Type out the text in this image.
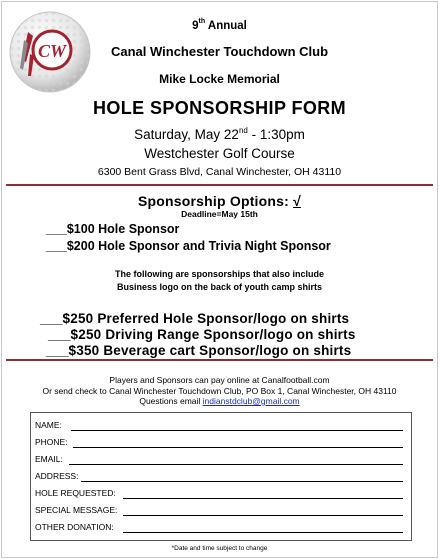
CW
9th Annual
Canal Winchester Touchdown Club
Mike Locke Memorial
HOLE SPONSORSHIP FORM
Saturday, May 22nd - 1:30pm
Westchester Golf Course
6300 Bent Grass Blvd, Canal Winchester, OH 43110
Sponsorship Options: √
Deadline=May 15th
___$100 Hole Sponsor
___$200 Hole Sponsor and Trivia Night Sponsor
The following are sponsorships that also include
Business logo on the back of youth camp shirts
___$250 Preferred Hole Sponsor/logo on shirts
___$250 Driving Range Sponsor/logo on shirts
___$350 Beverage cart Sponsor/logo on shirts
Players and Sponsors can pay online at Canalfootball.com
Or send check to Canal Winchester Touchdown Club, PO Box 1, Canal Winchester, OH 43110
Questions email indianstdclub@gmail.com
NAME:
PHONE:
EMAIL:
ADDRESS:
HOLE REQUESTED:
SPECIAL MESSAGE:
OTHER DONATION:
*Date and time subject to change
